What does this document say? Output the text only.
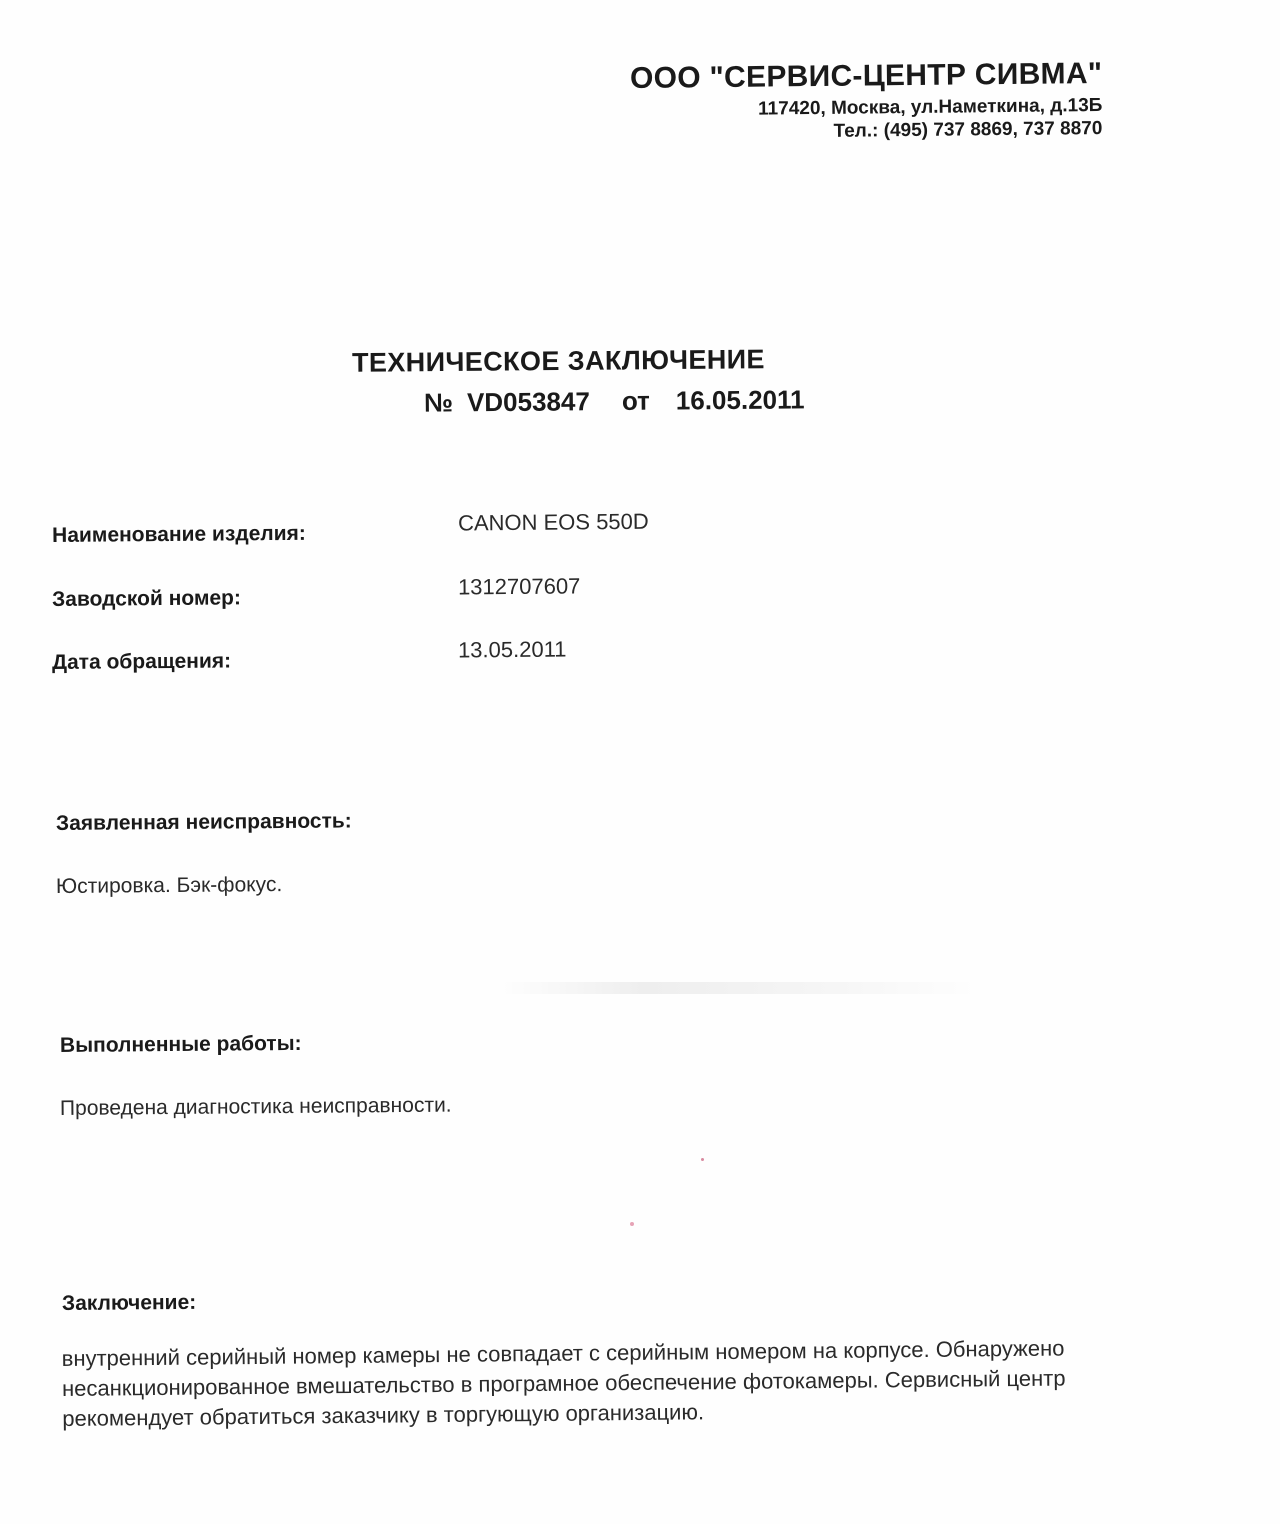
ООО "СЕРВИС-ЦЕНТР СИВМА"
117420, Москва, ул.Наметкина, д.13Б
Тел.: (495) 737 8869, 737 8870
ТЕХНИЧЕСКОЕ ЗАКЛЮЧЕНИЕ
№ VD053847 от 16.05.2011
Наименование изделия:	CANON EOS 550D
Заводской номер:	1312707607
Дата обращения:	13.05.2011
Заявленная неисправность:
Юстировка. Бэк-фокус.
Выполненные работы:
Проведена диагностика неисправности.
Заключение:
внутренний серийный номер камеры не совпадает с серийным номером на корпусе. Обнаружено
несанкционированное вмешательство в програмное обеспечение фотокамеры. Сервисный центр
рекомендует обратиться заказчику в торгующую организацию.
